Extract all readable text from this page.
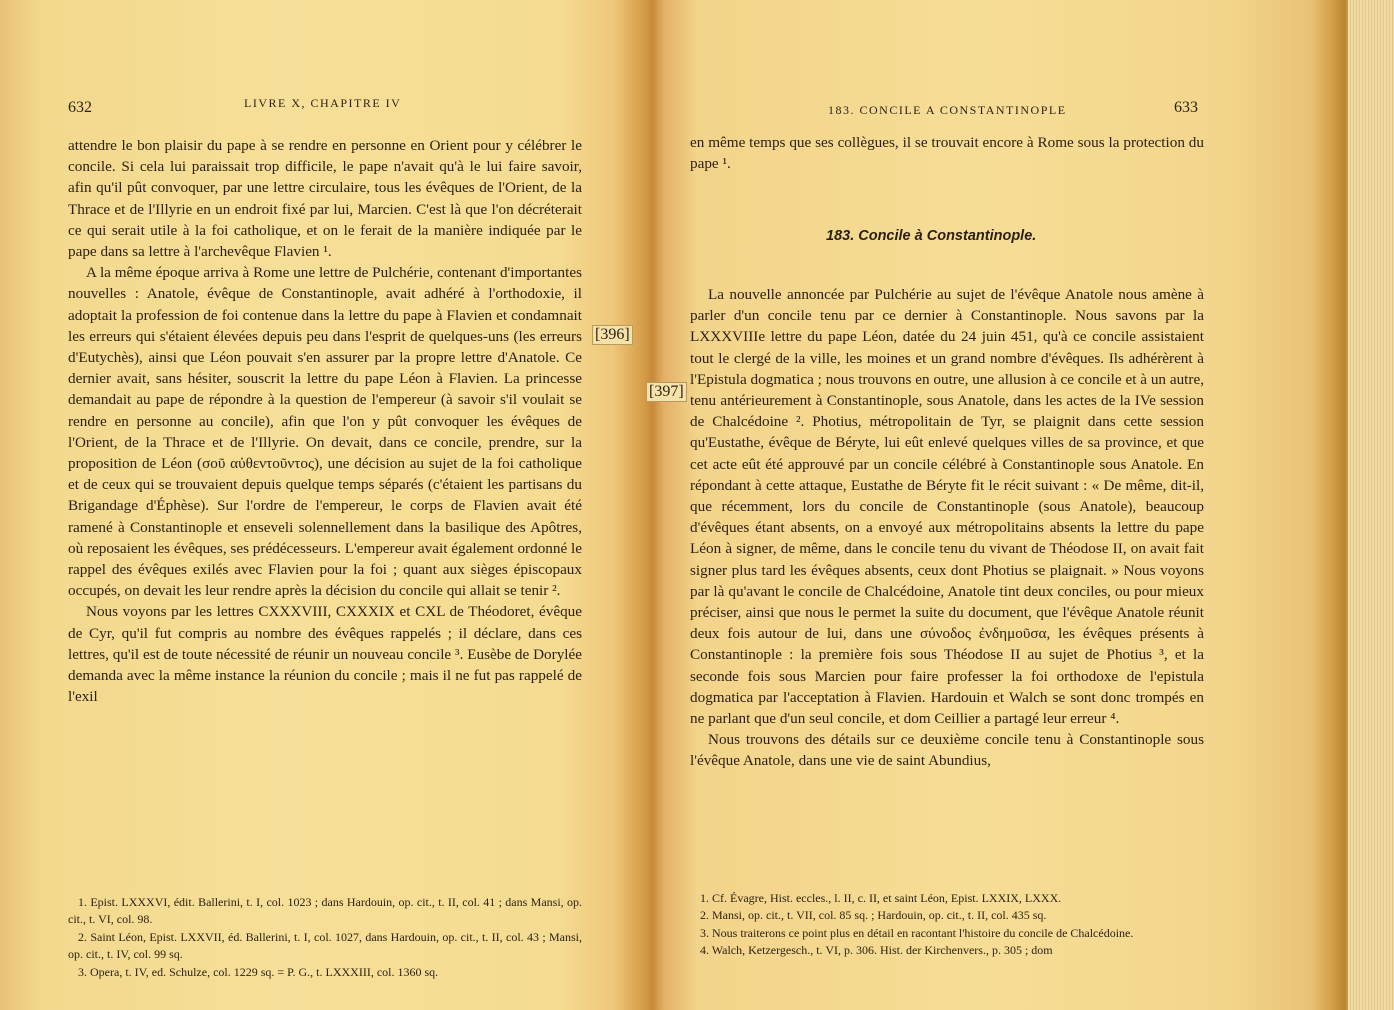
632	LIVRE X, CHAPITRE IV

attendre le bon plaisir du pape à se rendre en personne en Orient pour y célébrer le concile. Si cela lui paraissait trop difficile, le pape n'avait qu'à le lui faire savoir, afin qu'il pût convoquer, par une lettre circulaire, tous les évêques de l'Orient, de la Thrace et de l'Illyrie en un endroit fixé par lui, Marcien. C'est là que l'on décréterait ce qui serait utile à la foi catholique, et on le ferait de la manière indiquée par le pape dans sa lettre à l'archevêque Flavien ¹.

A la même époque arriva à Rome une lettre de Pulchérie, contenant d'importantes nouvelles : Anatole, évêque de Constantinople, avait adhéré à l'orthodoxie, il adoptait la profession de foi contenue dans la lettre du pape à Flavien et condamnait les erreurs qui s'étaient élevées depuis peu dans l'esprit de quelques-uns (les erreurs d'Eutychès), ainsi que Léon pouvait s'en assurer par la propre lettre d'Anatole. Ce dernier avait, sans hésiter, souscrit la lettre du pape Léon à Flavien. La princesse demandait au pape de répondre à la question de l'empereur (à savoir s'il voulait se rendre en personne au concile), afin que l'on y pût convoquer les évêques de l'Orient, de la Thrace et de l'Illyrie. On devait, dans ce concile, prendre, sur la proposition de Léon (σοῦ αὐθεντοῦντος), une décision au sujet de la foi catholique et de ceux qui se trouvaient depuis quelque temps séparés (c'étaient les partisans du Brigandage d'Éphèse). Sur l'ordre de l'empereur, le corps de Flavien avait été ramené à Constantinople et enseveli solennellement dans la basilique des Apôtres, où reposaient les évêques, ses prédécesseurs. L'empereur avait également ordonné le rappel des évêques exilés avec Flavien pour la foi ; quant aux sièges épiscopaux occupés, on devait les leur rendre après la décision du concile qui allait se tenir ².

Nous voyons par les lettres CXXXVIII, CXXXIX et CXL de Théodoret, évêque de Cyr, qu'il fut compris au nombre des évêques rappelés ; il déclare, dans ces lettres, qu'il est de toute nécessité de réunir un nouveau concile ³. Eusèbe de Dorylée demanda avec la même instance la réunion du concile ; mais il ne fut pas rappelé de l'exil

[396]

1. Epist. LXXXVI, édit. Ballerini, t. I, col. 1023 ; dans Hardouin, op. cit., t. II, col. 41 ; dans Mansi, op. cit., t. VI, col. 98.

2. Saint Léon, Epist. LXXVII, éd. Ballerini, t. I, col. 1027, dans Hardouin, op. cit., t. II, col. 43 ; Mansi, op. cit., t. IV, col. 99 sq.

3. Opera, t. IV, ed. Schulze, col. 1229 sq. = P. G., t. LXXXIII, col. 1360 sq.

183. CONCILE A CONSTANTINOPLE	633

en même temps que ses collègues, il se trouvait encore à Rome sous la protection du pape ¹.

183. Concile à Constantinople.
[397]

La nouvelle annoncée par Pulchérie au sujet de l'évêque Anatole nous amène à parler d'un concile tenu par ce dernier à Constantinople. Nous savons par la LXXXVIIIe lettre du pape Léon, datée du 24 juin 451, qu'à ce concile assistaient tout le clergé de la ville, les moines et un grand nombre d'évêques. Ils adhérèrent à l'Epistula dogmatica ; nous trouvons en outre, une allusion à ce concile et à un autre, tenu antérieurement à Constantinople, sous Anatole, dans les actes de la IVe session de Chalcédoine ². Photius, métropolitain de Tyr, se plaignit dans cette session qu'Eustathe, évêque de Béryte, lui eût enlevé quelques villes de sa province, et que cet acte eût été approuvé par un concile célébré à Constantinople sous Anatole. En répondant à cette attaque, Eustathe de Béryte fit le récit suivant : « De même, dit-il, que récemment, lors du concile de Constantinople (sous Anatole), beaucoup d'évêques étant absents, on a envoyé aux métropolitains absents la lettre du pape Léon à signer, de même, dans le concile tenu du vivant de Théodose II, on avait fait signer plus tard les évêques absents, ceux dont Photius se plaignait. » Nous voyons par là qu'avant le concile de Chalcédoine, Anatole tint deux conciles, ou pour mieux préciser, ainsi que nous le permet la suite du document, que l'évêque Anatole réunit deux fois autour de lui, dans une σύνοδος ἐνδημοῦσα, les évêques présents à Constantinople : la première fois sous Théodose II au sujet de Photius ³, et la seconde fois sous Marcien pour faire professer la foi orthodoxe de l'epistula dogmatica par l'acceptation à Flavien. Hardouin et Walch se sont donc trompés en ne parlant que d'un seul concile, et dom Ceillier a partagé leur erreur ⁴.

Nous trouvons des détails sur ce deuxième concile tenu à Constantinople sous l'évêque Anatole, dans une vie de saint Abundius,

1. Cf. Évagre, Hist. eccles., l. II, c. II, et saint Léon, Epist. LXXIX, LXXX.

2. Mansi, op. cit., t. VII, col. 85 sq. ; Hardouin, op. cit., t. II, col. 435 sq.

3. Nous traiterons ce point plus en détail en racontant l'histoire du concile de Chalcédoine.

4. Walch, Ketzergesch., t. VI, p. 306. Hist. der Kirchenvers., p. 305 ; dom
